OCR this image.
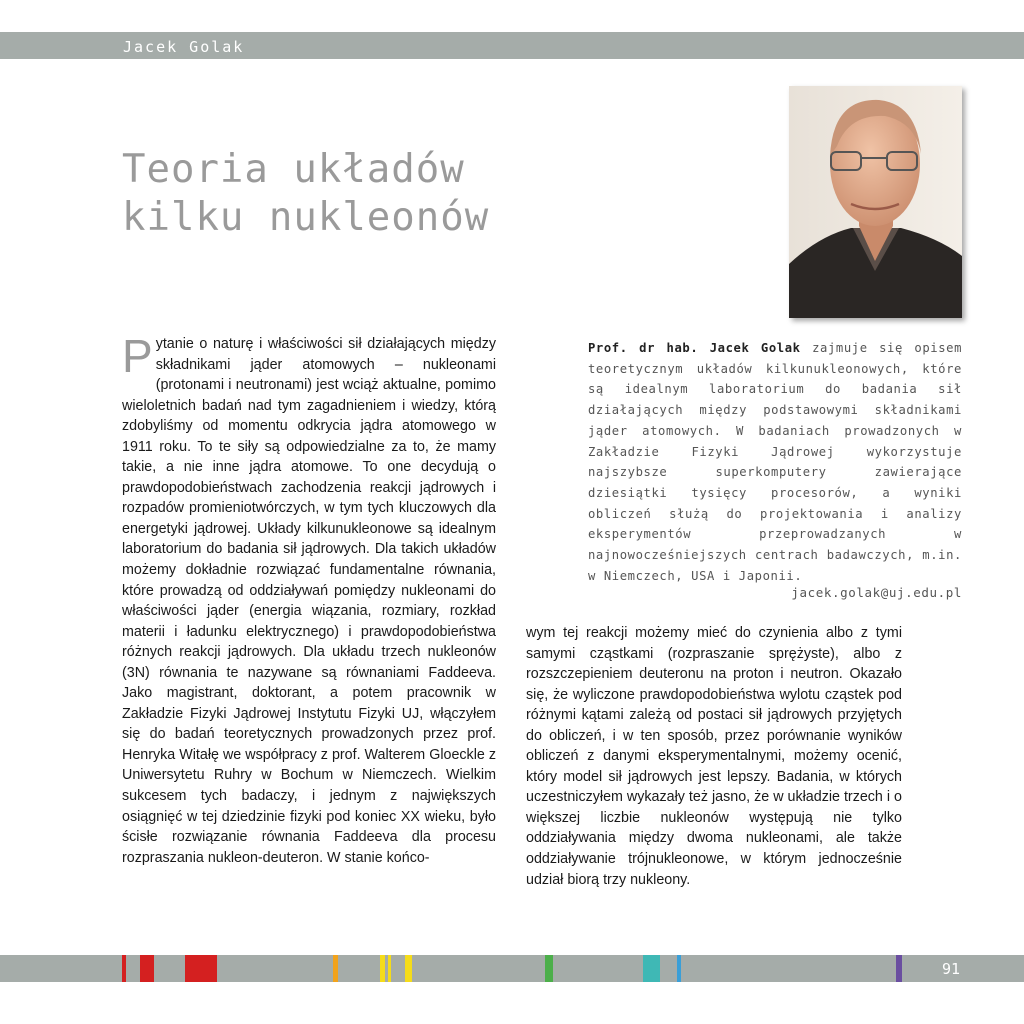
Jacek Golak
Teoria układów
kilku nukleonów

Prof. dr hab. Jacek Golak zajmuje się opisem teoretycznym układów kilkunukleonowych, które są idealnym laboratorium do badania sił działających między podstawowymi składnikami jąder atomowych. W badaniach prowadzonych w Zakładzie Fizyki Jądrowej wykorzystuje najszybsze superkomputery zawierające dziesiątki tysięcy procesorów, a wyniki obliczeń służą do projektowania i analizy eksperymentów przeprowadzanych w najnowocześniejszych centrach badawczych, m.in. w Niemczech, USA i Japonii.

jacek.golak@uj.edu.pl

Pytanie o naturę i właściwości sił działających między składnikami jąder atomowych – nukleonami (protonami i neutronami) jest wciąż aktualne, pomimo wieloletnich badań nad tym zagadnieniem i wiedzy, którą zdobyliśmy od momentu odkrycia jądra atomowego w 1911 roku. To te siły są odpowiedzialne za to, że mamy takie, a nie inne jądra atomowe. To one decydują o prawdopodobieństwach zachodzenia reakcji jądrowych i rozpadów promieniotwórczych, w tym tych kluczowych dla energetyki jądrowej. Układy kilkunukleonowe są idealnym laboratorium do badania sił jądrowych. Dla takich układów możemy dokładnie rozwiązać fundamentalne równania, które prowadzą od oddziaływań pomiędzy nukleonami do właściwości jąder (energia wiązania, rozmiary, rozkład materii i ładunku elektrycznego) i prawdopodobieństwa różnych reakcji jądrowych. Dla układu trzech nukleonów (3N) równania te nazywane są równaniami Faddeeva. Jako magistrant, doktorant, a potem pracownik w Zakładzie Fizyki Jądrowej Instytutu Fizyki UJ, włączyłem się do badań teoretycznych prowadzonych przez prof. Henryka Witałę we współpracy z prof. Walterem Gloeckle z Uniwersytetu Ruhry w Bochum w Niemczech. Wielkim sukcesem tych badaczy, i jednym z największych osiągnięć w tej dziedzinie fizyki pod koniec XX wieku, było ścisłe rozwiązanie równania Faddeeva dla procesu rozpraszania nukleon-deuteron. W stanie końco-

wym tej reakcji możemy mieć do czynienia albo z tymi samymi cząstkami (rozpraszanie sprężyste), albo z rozszczepieniem deuteronu na proton i neutron. Okazało się, że wyliczone prawdopodobieństwa wylotu cząstek pod różnymi kątami zależą od postaci sił jądrowych przyjętych do obliczeń, i w ten sposób, przez porównanie wyników obliczeń z danymi eksperymentalnymi, możemy ocenić, który model sił jądrowych jest lepszy. Badania, w których uczestniczyłem wykazały też jasno, że w układzie trzech i o większej liczbie nukleonów występują nie tylko oddziaływania między dwoma nukleonami, ale także oddziaływanie trójnukleonowe, w którym jednocześnie udział biorą trzy nukleony.

91
